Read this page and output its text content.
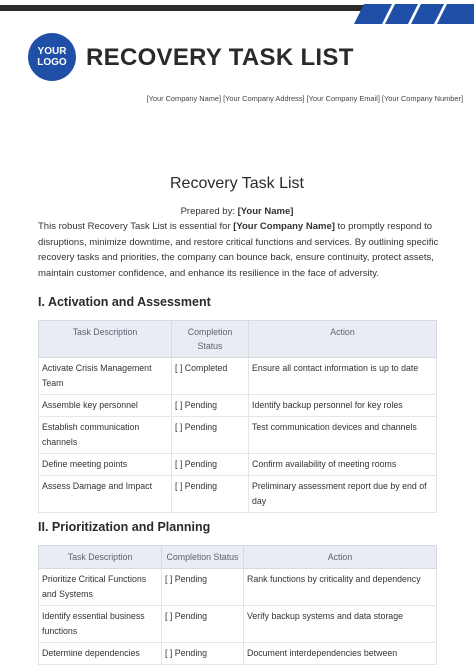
YOUR
LOGO RECOVERY TASK LIST
[Your Company Name] [Your Company Address] [Your Company Email] [Your Company Number]
Recovery Task List
Prepared by: [Your Name]
This robust Recovery Task List is essential for [Your Company Name] to promptly respond to disruptions, minimize downtime, and restore critical functions and services. By outlining specific recovery tasks and priorities, the company can bounce back, ensure continuity, protect assets, maintain customer confidence, and enhance its resilience in the face of adversity.
I. Activation and Assessment
Task Description	Completion Status	Action
Activate Crisis Management Team	[ ] Completed	Ensure all contact information is up to date
Assemble key personnel	[ ] Pending	Identify backup personnel for key roles
Establish communication channels	[ ] Pending	Test communication devices and channels
Define meeting points	[ ] Pending	Confirm availability of meeting rooms
Assess Damage and Impact	[ ] Pending	Preliminary assessment report due by end of day
II. Prioritization and Planning
Task Description	Completion Status	Action
Prioritize Critical Functions and Systems	[ ] Pending	Rank functions by criticality and dependency
Identify essential business functions	[ ] Pending	Verify backup systems and data storage
Determine dependencies	[ ] Pending	Document interdependencies between
